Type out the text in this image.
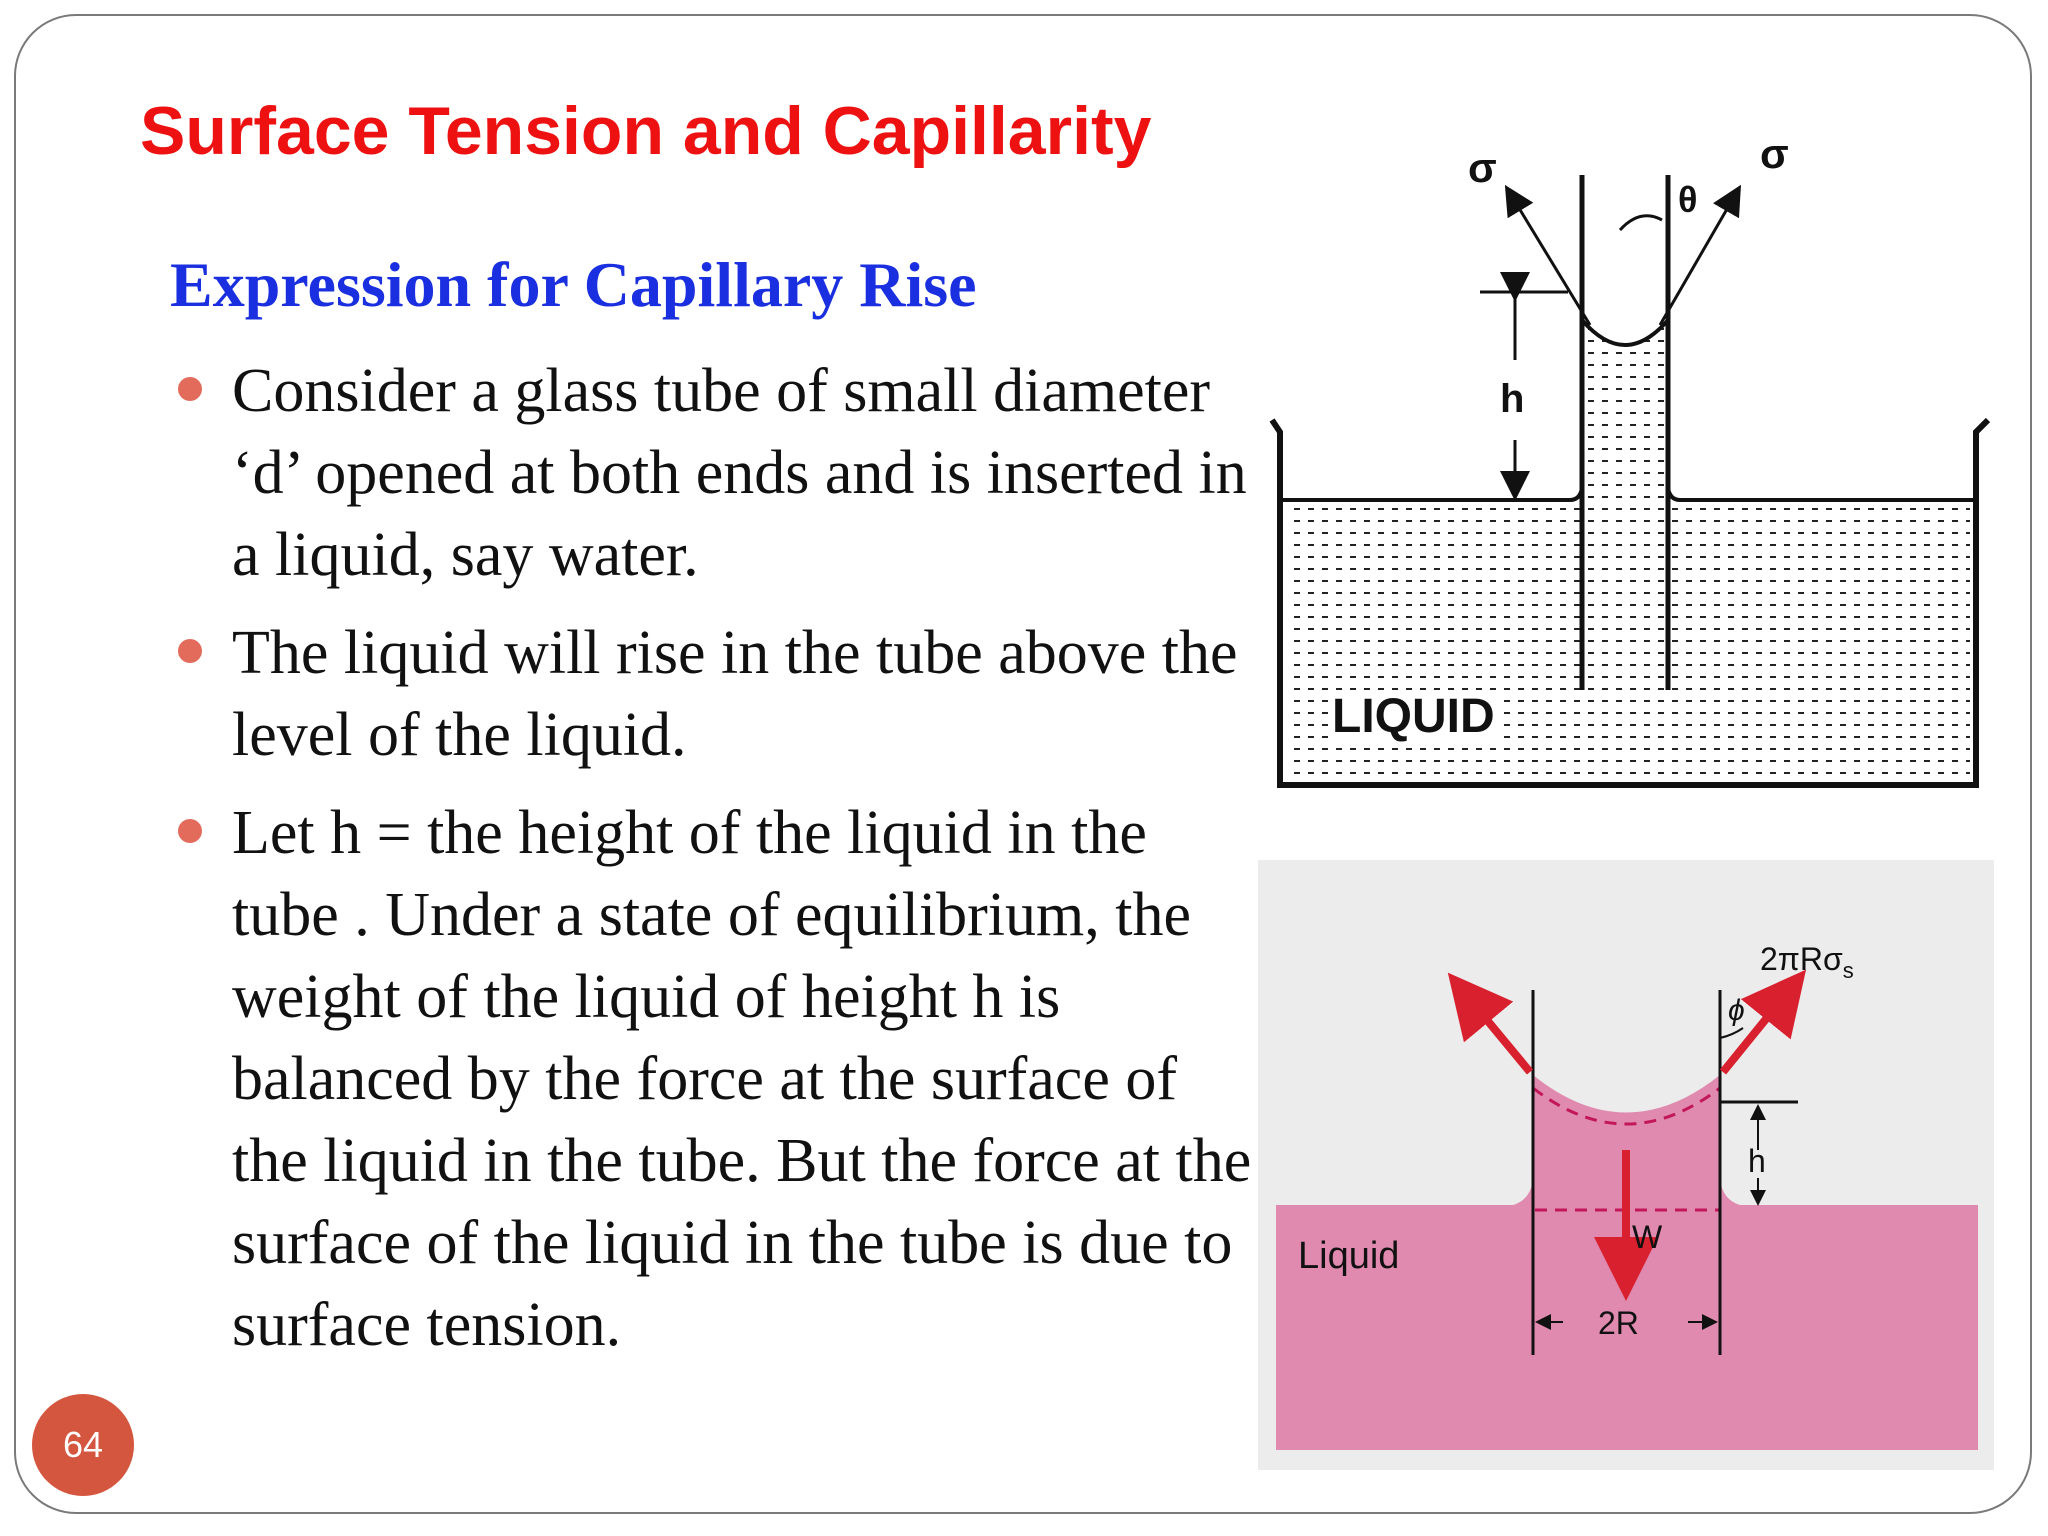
Surface Tension and Capillarity
Expression for Capillary Rise
Consider a glass tube of small diameter ‘d’ opened at both ends and is inserted in a liquid, say water.
The liquid will rise in the tube above the level of the liquid.
Let h = the height of the liquid in the tube . Under a state of equilibrium, the weight of the liquid of height h is balanced by the force at the surface of the liquid in the tube. But the force at the surface of the liquid in the tube is due to surface tension.
σ	σ
θ
h
LIQUID
ϕ
2πRσ$_s$
h
W
2R
Liquid
64
